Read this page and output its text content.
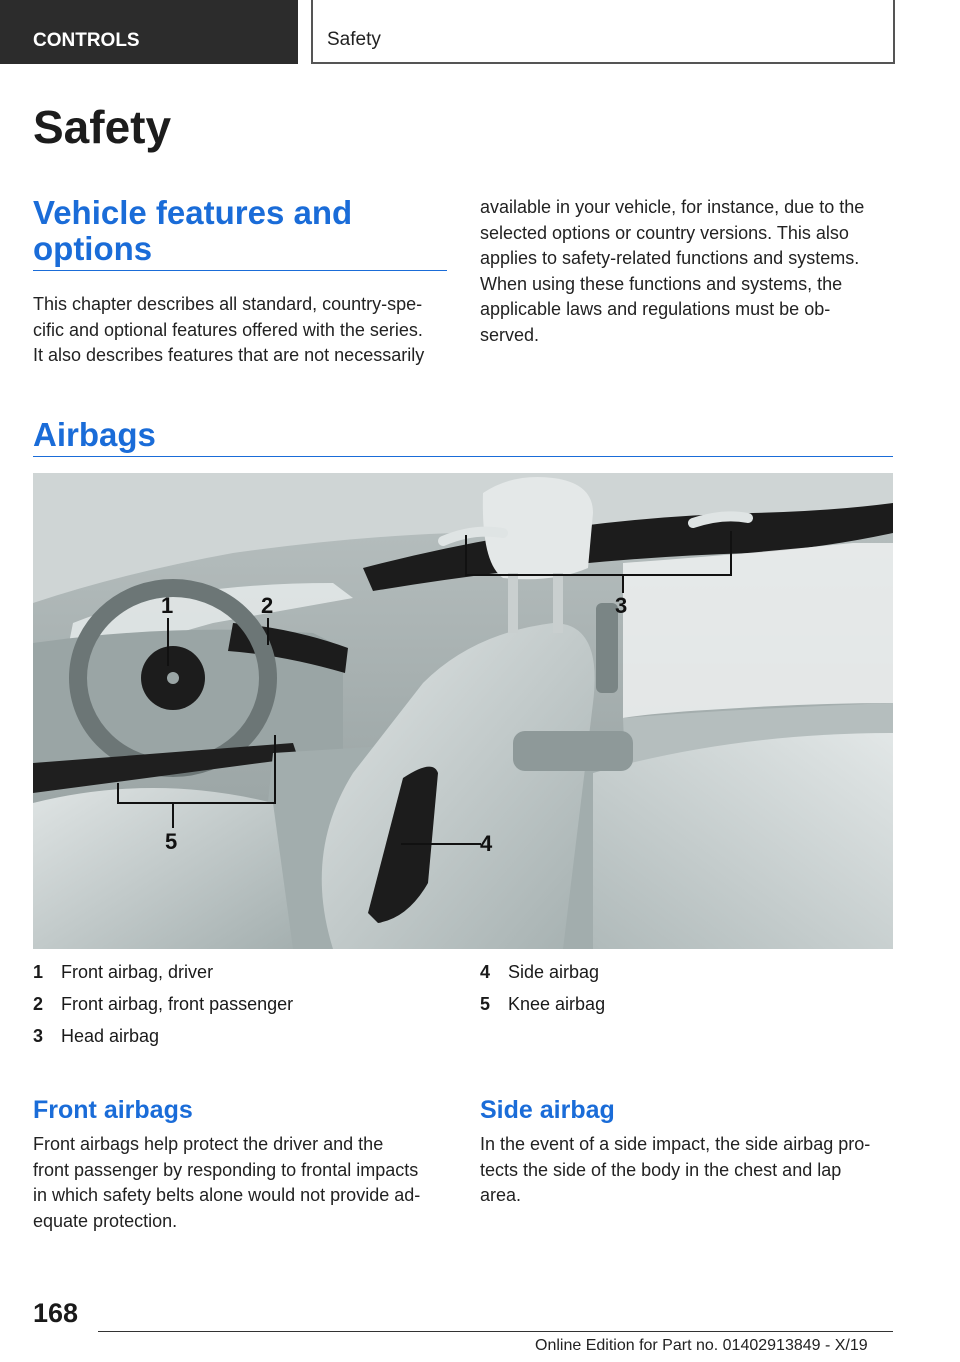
CONTROLS	Safety
Safety
Vehicle features and
options

This chapter describes all standard, country-spe-
cific and optional features offered with the series.
It also describes features that are not necessarily

available in your vehicle, for instance, due to the
selected options or country versions. This also
applies to safety-related functions and systems.
When using these functions and systems, the
applicable laws and regulations must be ob-
served.

Airbags
1	2	3
4
5
1 Front airbag, driver
2 Front airbag, front passenger
3 Head airbag
4 Side airbag
5 Knee airbag
Front airbags

Front airbags help protect the driver and the
front passenger by responding to frontal impacts
in which safety belts alone would not provide ad-
equate protection.

Side airbag

In the event of a side impact, the side airbag pro-
tects the side of the body in the chest and lap
area.

168
Online Edition for Part no. 01402913849 - X/19
